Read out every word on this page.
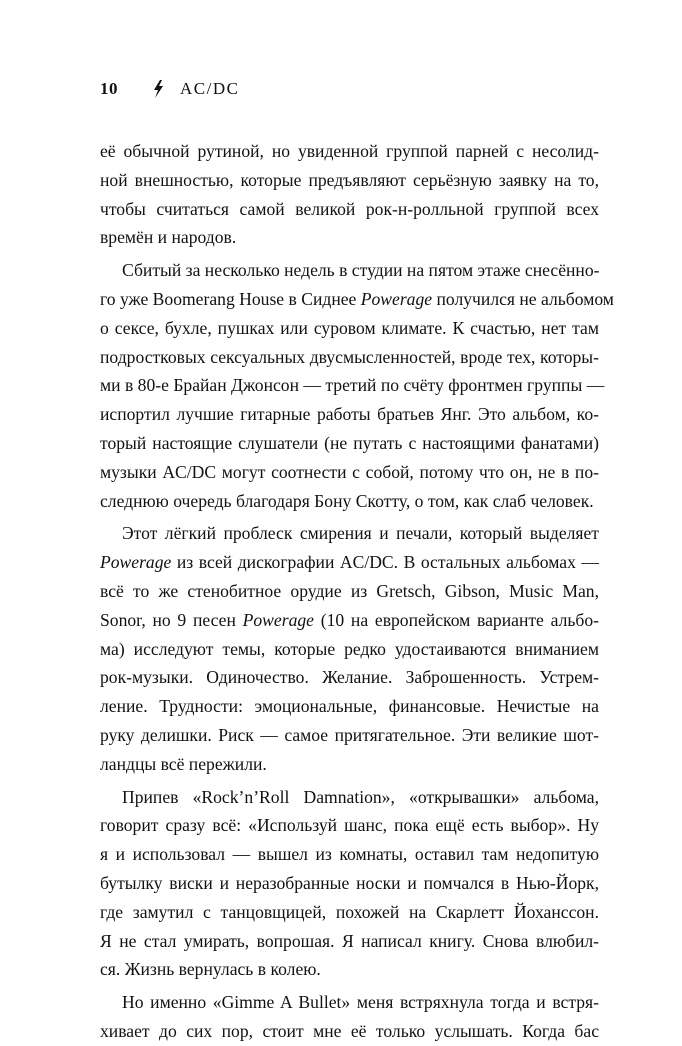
10	AC/DC
её обычной рутиной, но увиденной группой парней с несолид-
ной внешностью, которые предъявляют серьёзную заявку на то,
чтобы считаться самой великой рок-н-ролльной группой всех
времён и народов.
Сбитый за несколько недель в студии на пятом этаже снесённо-
го уже Boomerang House в Сиднее Powerage получился не альбомом
о сексе, бухле, пушках или суровом климате. К счастью, нет там
подростковых сексуальных двусмысленностей, вроде тех, которы-
ми в 80-е Брайан Джонсон — третий по счёту фронтмен группы —
испортил лучшие гитарные работы братьев Янг. Это альбом, ко-
торый настоящие слушатели (не путать с настоящими фанатами)
музыки AC/DC могут соотнести с собой, потому что он, не в по-
следнюю очередь благодаря Бону Скотту, о том, как слаб человек.
Этот лёгкий проблеск смирения и печали, который выделяет
Powerage из всей дискографии AC/DC. В остальных альбомах —
всё то же стенобитное орудие из Gretsch, Gibson, Music Man,
Sonor, но 9 песен Powerage (10 на европейском варианте альбо-
ма) исследуют темы, которые редко удостаиваются вниманием
рок-музыки. Одиночество. Желание. Заброшенность. Устрем-
ление. Трудности: эмоциональные, финансовые. Нечистые на
руку делишки. Риск — самое притягательное. Эти великие шот-
ландцы всё пережили.
Припев «Rock’n’Roll Damnation», «открывашки» альбома,
говорит сразу всё: «Используй шанс, пока ещё есть выбор». Ну
я и использовал — вышел из комнаты, оставил там недопитую
бутылку виски и неразобранные носки и помчался в Нью-Йорк,
где замутил с танцовщицей, похожей на Скарлетт Йоханссон.
Я не стал умирать, вопрошая. Я написал книгу. Снова влюбил-
ся. Жизнь вернулась в колею.
Но именно «Gimme A Bullet» меня встряхнула тогда и встря-
хивает до сих пор, стоит мне её только услышать. Когда бас
